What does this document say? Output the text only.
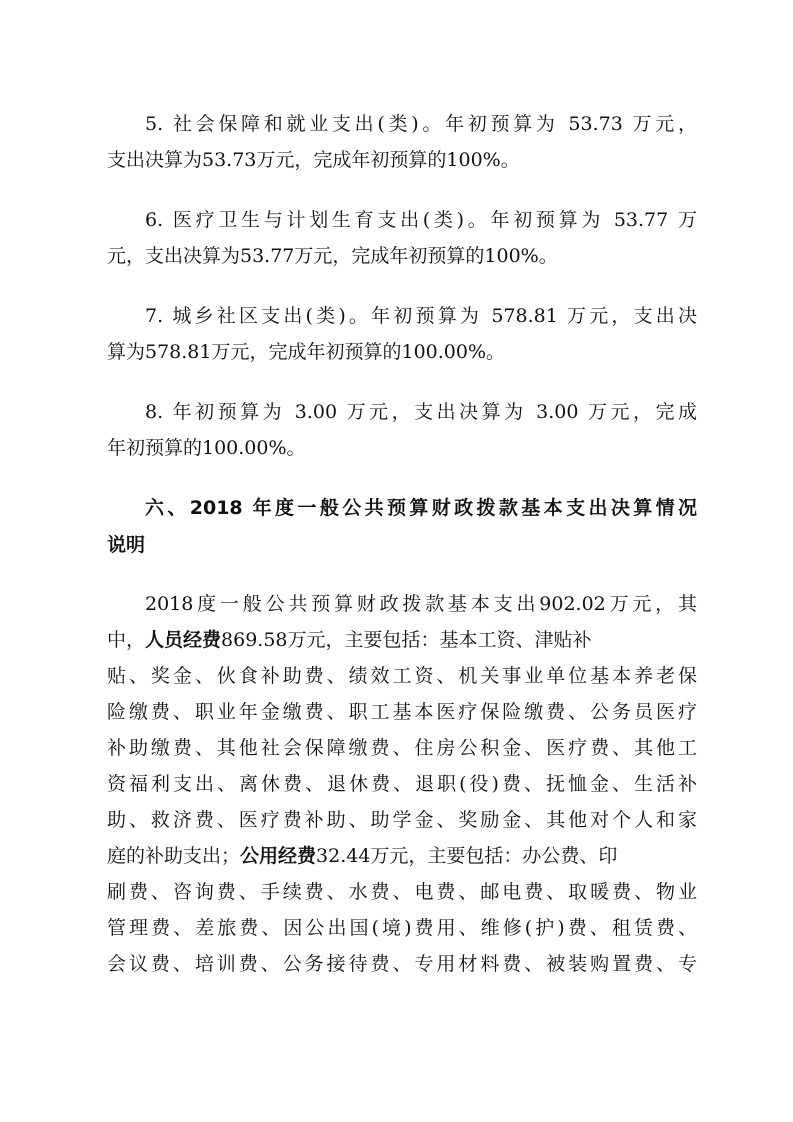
5. 社会保障和就业支出(类)。年初预算为 53.73 万元，
支出决算为53.73万元，完成年初预算的100%。
6. 医疗卫生与计划生育支出(类)。年初预算为 53.77 万
元，支出决算为53.77万元，完成年初预算的100%。
7. 城乡社区支出(类)。年初预算为 578.81 万元，支出决
算为578.81万元，完成年初预算的100.00%。
8. 年初预算为 3.00 万元，支出决算为 3.00 万元，完成
年初预算的100.00%。
六、2018 年度一般公共预算财政拨款基本支出决算情况
说明
2018度一般公共预算财政拨款基本支出902.02万元，其
中，人员经费869.58万元，主要包括：基本工资、津贴补
贴、奖金、伙食补助费、绩效工资、机关事业单位基本养老保
险缴费、职业年金缴费、职工基本医疗保险缴费、公务员医疗
补助缴费、其他社会保障缴费、住房公积金、医疗费、其他工
资福利支出、离休费、退休费、退职(役)费、抚恤金、生活补
助、救济费、医疗费补助、助学金、奖励金、其他对个人和家
庭的补助支出；公用经费32.44万元，主要包括：办公费、印
刷费、咨询费、手续费、水费、电费、邮电费、取暖费、物业
管理费、差旅费、因公出国(境)费用、维修(护)费、租赁费、
会议费、培训费、公务接待费、专用材料费、被装购置费、专
